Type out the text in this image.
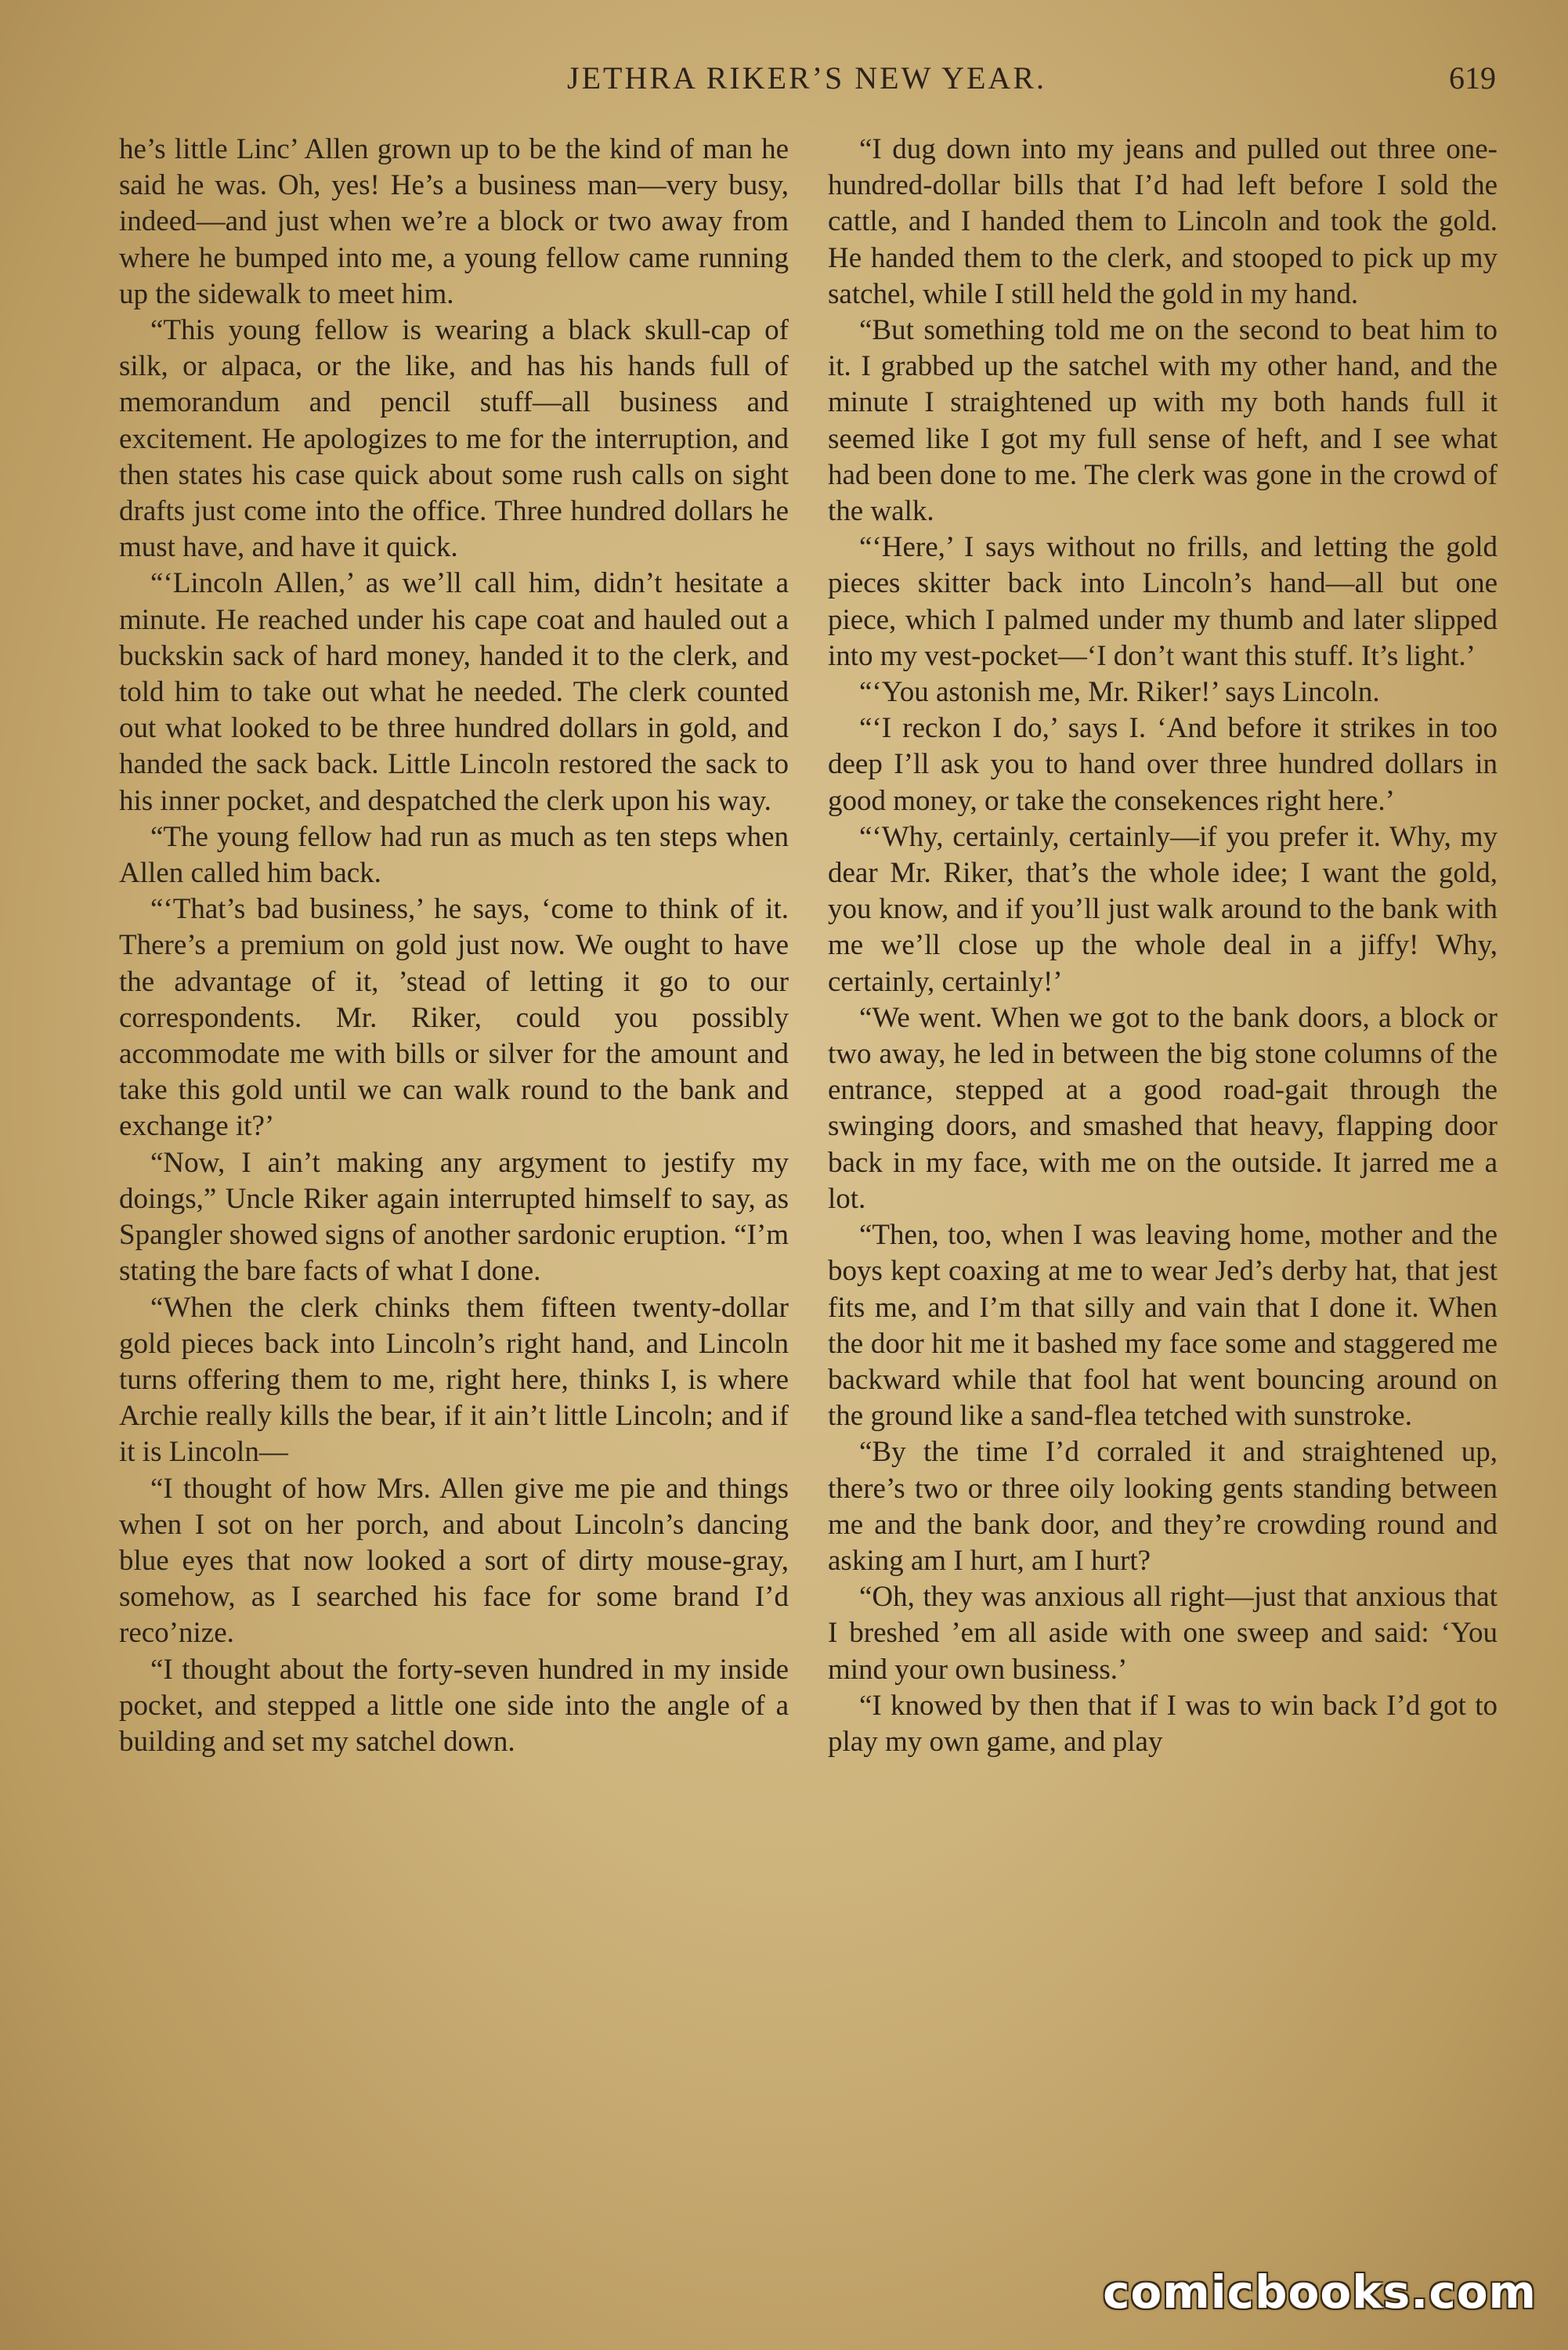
JETHRA RIKER’S NEW YEAR.	619

he’s little Linc’ Allen grown up to be the kind of man he said he was. Oh, yes! He’s a business man—very busy, indeed—and just when we’re a block or two away from where he bumped into me, a young fellow came running up the sidewalk to meet him.

“This young fellow is wearing a black skull-cap of silk, or alpaca, or the like, and has his hands full of memorandum and pencil stuff—all business and excitement. He apologizes to me for the interruption, and then states his case quick about some rush calls on sight drafts just come into the office. Three hundred dollars he must have, and have it quick.

“‘Lincoln Allen,’ as we’ll call him, didn’t hesitate a minute. He reached under his cape coat and hauled out a buckskin sack of hard money, handed it to the clerk, and told him to take out what he needed. The clerk counted out what looked to be three hundred dollars in gold, and handed the sack back. Little Lincoln restored the sack to his inner pocket, and despatched the clerk upon his way.

“The young fellow had run as much as ten steps when Allen called him back.

“‘That’s bad business,’ he says, ‘come to think of it. There’s a premium on gold just now. We ought to have the advantage of it, ’stead of letting it go to our correspondents. Mr. Riker, could you possibly accommodate me with bills or silver for the amount and take this gold until we can walk round to the bank and exchange it?’

“Now, I ain’t making any argyment to jestify my doings,” Uncle Riker again interrupted himself to say, as Spangler showed signs of another sardonic eruption. “I’m stating the bare facts of what I done.

“When the clerk chinks them fifteen twenty-dollar gold pieces back into Lincoln’s right hand, and Lincoln turns offering them to me, right here, thinks I, is where Archie really kills the bear, if it ain’t little Lincoln; and if it is Lincoln—

“I thought of how Mrs. Allen give me pie and things when I sot on her porch, and about Lincoln’s dancing blue eyes that now looked a sort of dirty mouse-gray, somehow, as I searched his face for some brand I’d reco’nize.

“I thought about the forty-seven hundred in my inside pocket, and stepped a little one side into the angle of a building and set my satchel down.

“I dug down into my jeans and pulled out three one-hundred-dollar bills that I’d had left before I sold the cattle, and I handed them to Lincoln and took the gold. He handed them to the clerk, and stooped to pick up my satchel, while I still held the gold in my hand.

“But something told me on the second to beat him to it. I grabbed up the satchel with my other hand, and the minute I straightened up with my both hands full it seemed like I got my full sense of heft, and I see what had been done to me. The clerk was gone in the crowd of the walk.

“‘Here,’ I says without no frills, and letting the gold pieces skitter back into Lincoln’s hand—all but one piece, which I palmed under my thumb and later slipped into my vest-pocket—‘I don’t want this stuff. It’s light.’

“‘You astonish me, Mr. Riker!’ says Lincoln.

“‘I reckon I do,’ says I. ‘And before it strikes in too deep I’ll ask you to hand over three hundred dollars in good money, or take the consekences right here.’

“‘Why, certainly, certainly—if you prefer it. Why, my dear Mr. Riker, that’s the whole idee; I want the gold, you know, and if you’ll just walk around to the bank with me we’ll close up the whole deal in a jiffy! Why, certainly, certainly!’

“We went. When we got to the bank doors, a block or two away, he led in between the big stone columns of the entrance, stepped at a good road-gait through the swinging doors, and smashed that heavy, flapping door back in my face, with me on the outside. It jarred me a lot.

“Then, too, when I was leaving home, mother and the boys kept coaxing at me to wear Jed’s derby hat, that jest fits me, and I’m that silly and vain that I done it. When the door hit me it bashed my face some and staggered me backward while that fool hat went bouncing around on the ground like a sand-flea tetched with sunstroke.

“By the time I’d corraled it and straightened up, there’s two or three oily looking gents standing between me and the bank door, and they’re crowding round and asking am I hurt, am I hurt?

“Oh, they was anxious all right—just that anxious that I breshed ’em all aside with one sweep and said: ‘You mind your own business.’

“I knowed by then that if I was to win back I’d got to play my own game, and play

comicbooks.com
